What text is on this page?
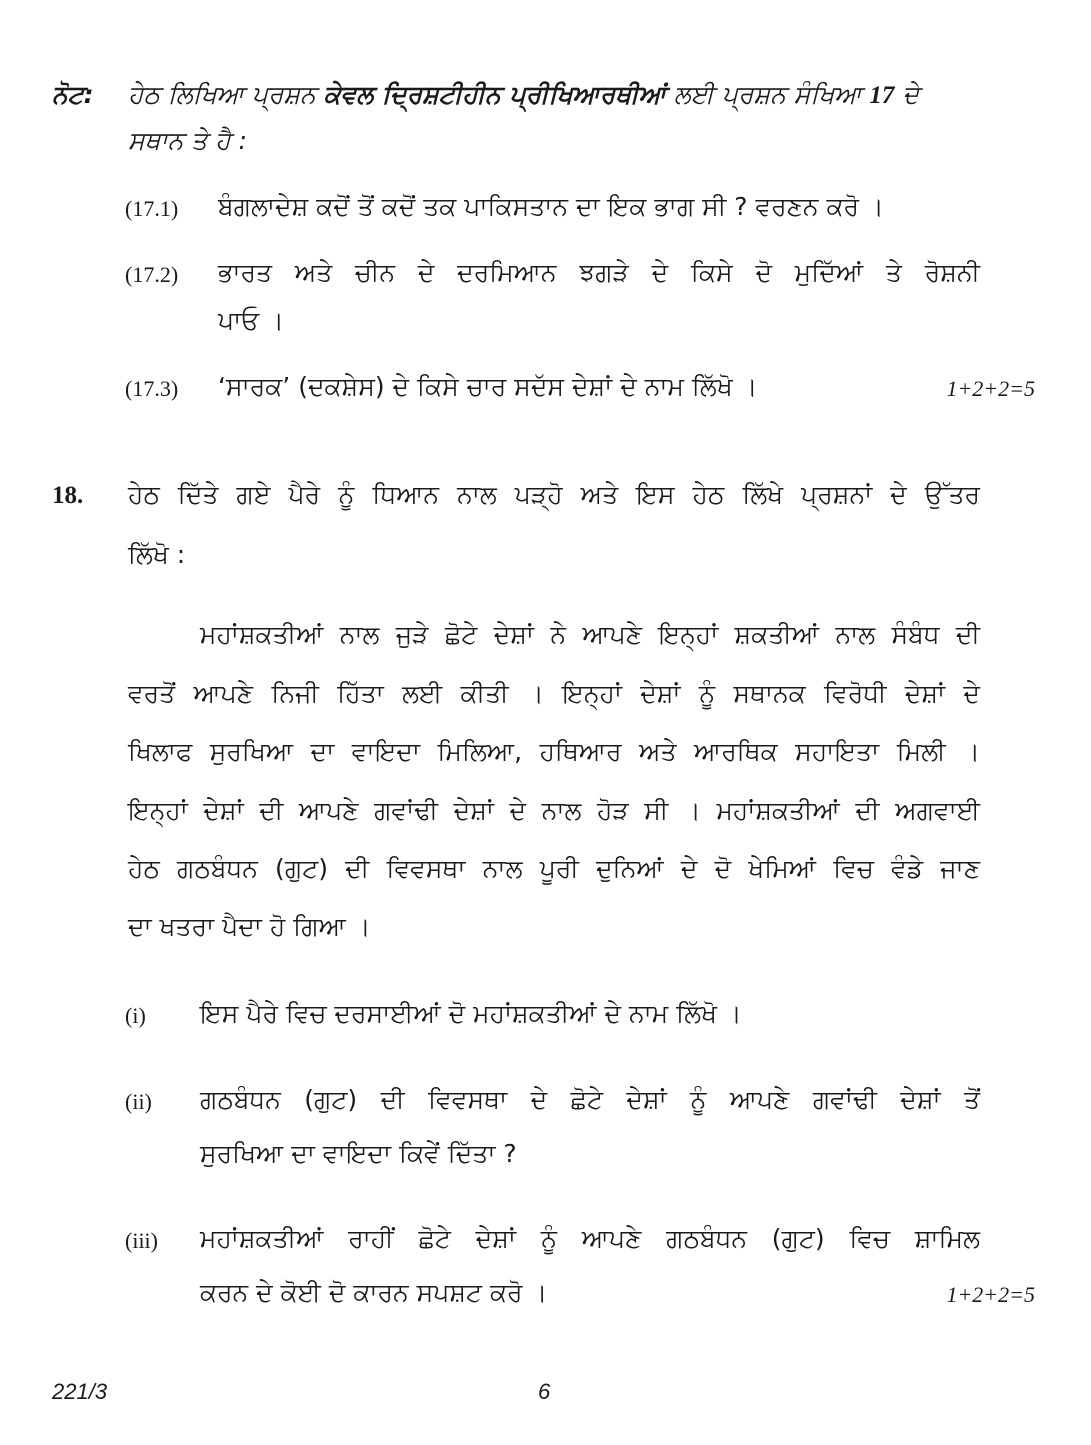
ਨੋਟ: ਹੇਠ ਲਿਖਿਆ ਪ੍ਰਸ਼ਨ ਕੇਵਲ ਦ੍ਰਿਸ਼ਟੀਹੀਨ ਪ੍ਰੀਖਿਆਰਥੀਆਂ ਲਈ ਪ੍ਰਸ਼ਨ ਸੰਖਿਆ 17 ਦੇ
ਸਥਾਨ ਤੇ ਹੈ :
(17.1) ਬੰਗਲਾਦੇਸ਼ ਕਦੋਂ ਤੋਂ ਕਦੋਂ ਤਕ ਪਾਕਿਸਤਾਨ ਦਾ ਇਕ ਭਾਗ ਸੀ ? ਵਰਣਨ ਕਰੋ ।
(17.2) ਭਾਰਤ ਅਤੇ ਚੀਨ ਦੇ ਦਰਮਿਆਨ ਝਗੜੇ ਦੇ ਕਿਸੇ ਦੋ ਮੁਦਿੱਆਂ ਤੇ ਰੋਸ਼ਨੀ
ਪਾਓ ।
(17.3) ‘ਸਾਰਕ’ (ਦਕਸ਼ੇਸ) ਦੇ ਕਿਸੇ ਚਾਰ ਸਦੱਸ ਦੇਸ਼ਾਂ ਦੇ ਨਾਮ ਲਿੱਖੋ ।	1+2+2=5
18. ਹੇਠ ਦਿੱਤੇ ਗਏ ਪੈਰੇ ਨੂੰ ਧਿਆਨ ਨਾਲ ਪੜ੍ਹੋ ਅਤੇ ਇਸ ਹੇਠ ਲਿੱਖੇ ਪ੍ਰਸ਼ਨਾਂ ਦੇ ਉੱਤਰ
ਲਿੱਖੋ :
ਮਹਾਂਸ਼ਕਤੀਆਂ ਨਾਲ ਜੁੜੇ ਛੋਟੇ ਦੇਸ਼ਾਂ ਨੇ ਆਪਣੇ ਇਨ੍ਹਾਂ ਸ਼ਕਤੀਆਂ ਨਾਲ ਸੰਬੰਧ ਦੀ
ਵਰਤੋਂ ਆਪਣੇ ਨਿਜੀ ਹਿੱਤਾ ਲਈ ਕੀਤੀ । ਇਨ੍ਹਾਂ ਦੇਸ਼ਾਂ ਨੂੰ ਸਥਾਨਕ ਵਿਰੋਧੀ ਦੇਸ਼ਾਂ ਦੇ
ਖਿਲਾਫ ਸੁਰਖਿਆ ਦਾ ਵਾਇਦਾ ਮਿਲਿਆ, ਹਥਿਆਰ ਅਤੇ ਆਰਥਿਕ ਸਹਾਇਤਾ ਮਿਲੀ ।
ਇਨ੍ਹਾਂ ਦੇਸ਼ਾਂ ਦੀ ਆਪਣੇ ਗਵਾਂਢੀ ਦੇਸ਼ਾਂ ਦੇ ਨਾਲ ਹੋੜ ਸੀ । ਮਹਾਂਸ਼ਕਤੀਆਂ ਦੀ ਅਗਵਾਈ
ਹੇਠ ਗਠਬੰਧਨ (ਗੁਟ) ਦੀ ਵਿਵਸਥਾ ਨਾਲ ਪੂਰੀ ਦੁਨਿਆਂ ਦੇ ਦੋ ਖੇਮਿਆਂ ਵਿਚ ਵੰਡੇ ਜਾਣ
ਦਾ ਖਤਰਾ ਪੈਦਾ ਹੋ ਗਿਆ ।
(i) ਇਸ ਪੈਰੇ ਵਿਚ ਦਰਸਾਈਆਂ ਦੋ ਮਹਾਂਸ਼ਕਤੀਆਂ ਦੇ ਨਾਮ ਲਿੱਖੋ ।
(ii) ਗਠਬੰਧਨ (ਗੁਟ) ਦੀ ਵਿਵਸਥਾ ਦੇ ਛੋਟੇ ਦੇਸ਼ਾਂ ਨੂੰ ਆਪਣੇ ਗਵਾਂਢੀ ਦੇਸ਼ਾਂ ਤੋਂ
ਸੁਰਖਿਆ ਦਾ ਵਾਇਦਾ ਕਿਵੇਂ ਦਿੱਤਾ ?
(iii) ਮਹਾਂਸ਼ਕਤੀਆਂ ਰਾਹੀਂ ਛੋਟੇ ਦੇਸ਼ਾਂ ਨੂੰ ਆਪਣੇ ਗਠਬੰਧਨ (ਗੁਟ) ਵਿਚ ਸ਼ਾਮਿਲ
ਕਰਨ ਦੇ ਕੋਈ ਦੋ ਕਾਰਨ ਸਪਸ਼ਟ ਕਰੋ ।	1+2+2=5
221/3	6
